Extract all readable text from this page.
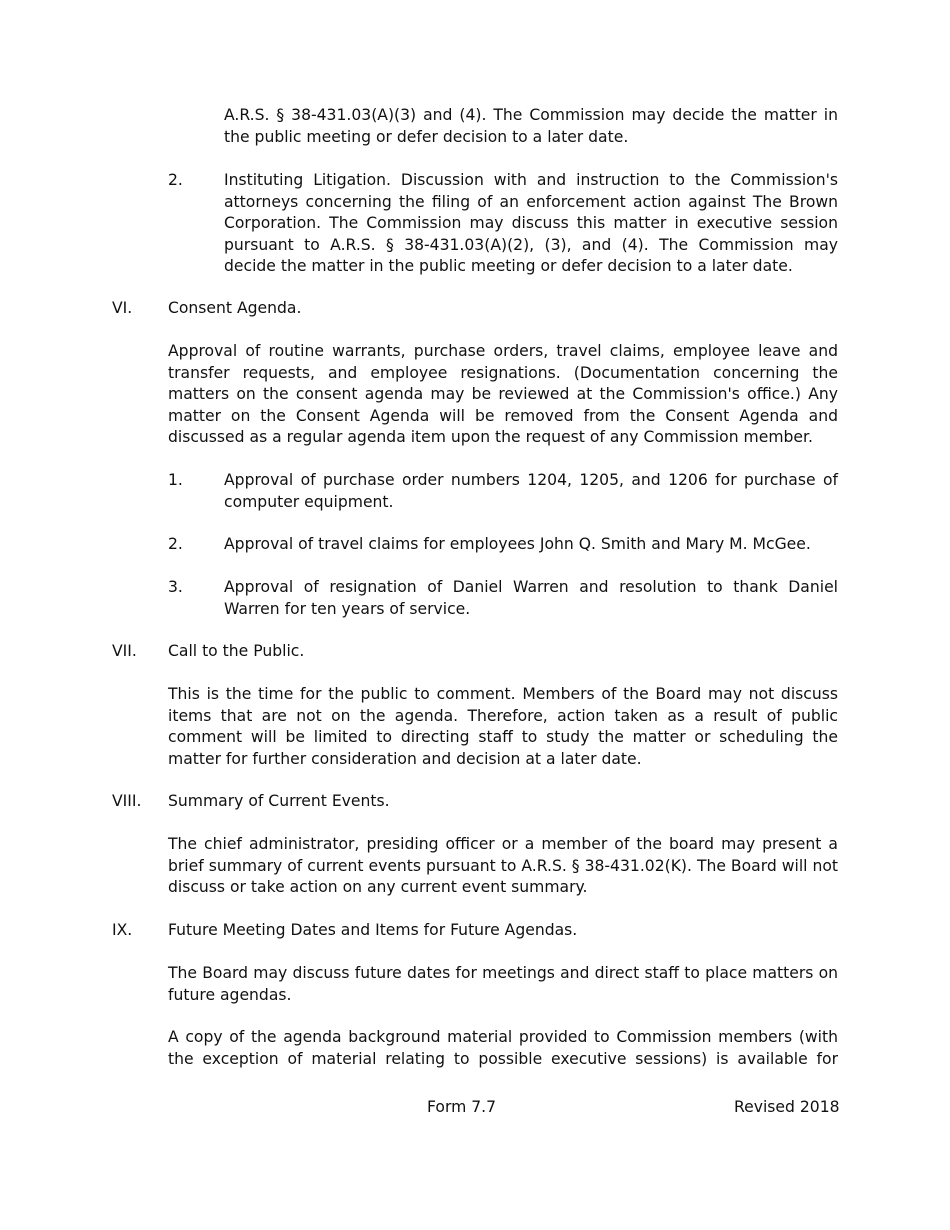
A.R.S. § 38-431.03(A)(3) and (4). The Commission may decide the matter in the public meeting or defer decision to a later date.
2.	Instituting Litigation. Discussion with and instruction to the Commission's attorneys concerning the filing of an enforcement action against The Brown Corporation. The Commission may discuss this matter in executive session pursuant to A.R.S. § 38-431.03(A)(2), (3), and (4). The Commission may decide the matter in the public meeting or defer decision to a later date.
VI. Consent Agenda.
Approval of routine warrants, purchase orders, travel claims, employee leave and transfer requests, and employee resignations. (Documentation concerning the matters on the consent agenda may be reviewed at the Commission's office.) Any matter on the Consent Agenda will be removed from the Consent Agenda and discussed as a regular agenda item upon the request of any Commission member.
1.	Approval of purchase order numbers 1204, 1205, and 1206 for purchase of computer equipment.
2.	Approval of travel claims for employees John Q. Smith and Mary M. McGee.
3.	Approval of resignation of Daniel Warren and resolution to thank Daniel Warren for ten years of service.
VII. Call to the Public.
This is the time for the public to comment. Members of the Board may not discuss items that are not on the agenda. Therefore, action taken as a result of public comment will be limited to directing staff to study the matter or scheduling the matter for further consideration and decision at a later date.
VIII. Summary of Current Events.
The chief administrator, presiding officer or a member of the board may present a brief summary of current events pursuant to A.R.S. § 38-431.02(K). The Board will not discuss or take action on any current event summary.
IX. Future Meeting Dates and Items for Future Agendas.
The Board may discuss future dates for meetings and direct staff to place matters on future agendas.
A copy of the agenda background material provided to Commission members (with the exception of material relating to possible executive sessions) is available for
Form 7.7	Revised 2018
